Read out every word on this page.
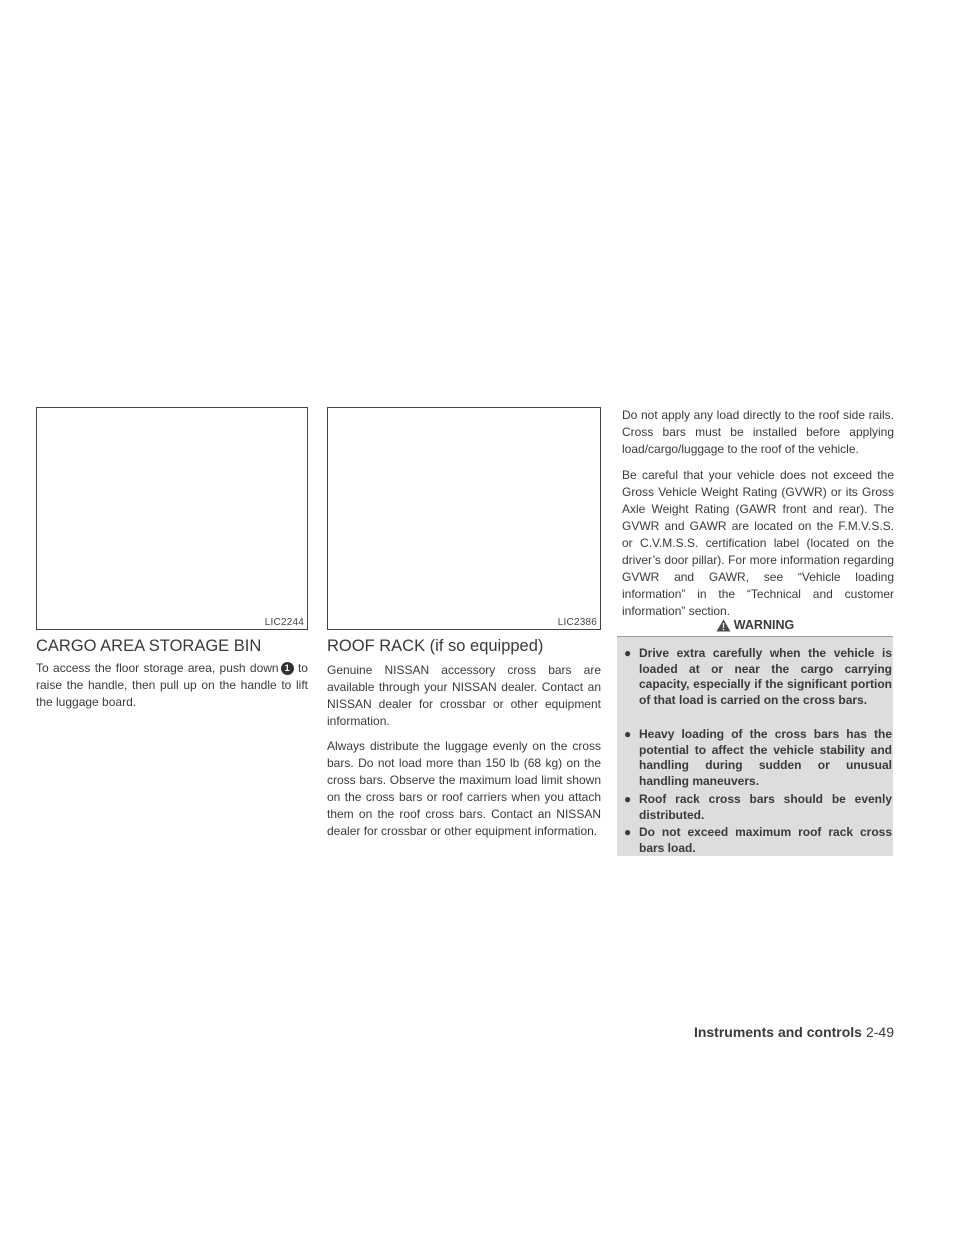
LIC2244	LIC2386
CARGO AREA STORAGE BIN

To access the floor storage area, push down 1 to raise the handle, then pull up on the handle to lift the luggage board.

ROOF RACK (if so equipped)

Genuine NISSAN accessory cross bars are available through your NISSAN dealer. Contact an NISSAN dealer for crossbar or other equipment information.

Always distribute the luggage evenly on the cross bars. Do not load more than 150 lb (68 kg) on the cross bars. Observe the maximum load limit shown on the cross bars or roof carriers when you attach them on the roof cross bars. Contact an NISSAN dealer for crossbar or other equipment information.

Do not apply any load directly to the roof side rails. Cross bars must be installed before applying load/cargo/luggage to the roof of the vehicle.

Be careful that your vehicle does not exceed the Gross Vehicle Weight Rating (GVWR) or its Gross Axle Weight Rating (GAWR front and rear). The GVWR and GAWR are located on the F.M.V.S.S. or C.V.M.S.S. certification label (located on the driver’s door pillar). For more information regarding GVWR and GAWR, see “Vehicle loading information” in the “Technical and customer information” section.

WARNING
● Drive extra carefully when the vehicle is loaded at or near the cargo carrying capacity, especially if the significant portion of that load is carried on the cross bars.
● Heavy loading of the cross bars has the potential to affect the vehicle stability and handling during sudden or unusual handling maneuvers.
● Roof rack cross bars should be evenly distributed.
● Do not exceed maximum roof rack cross bars load.
Instruments and controls 2-49
